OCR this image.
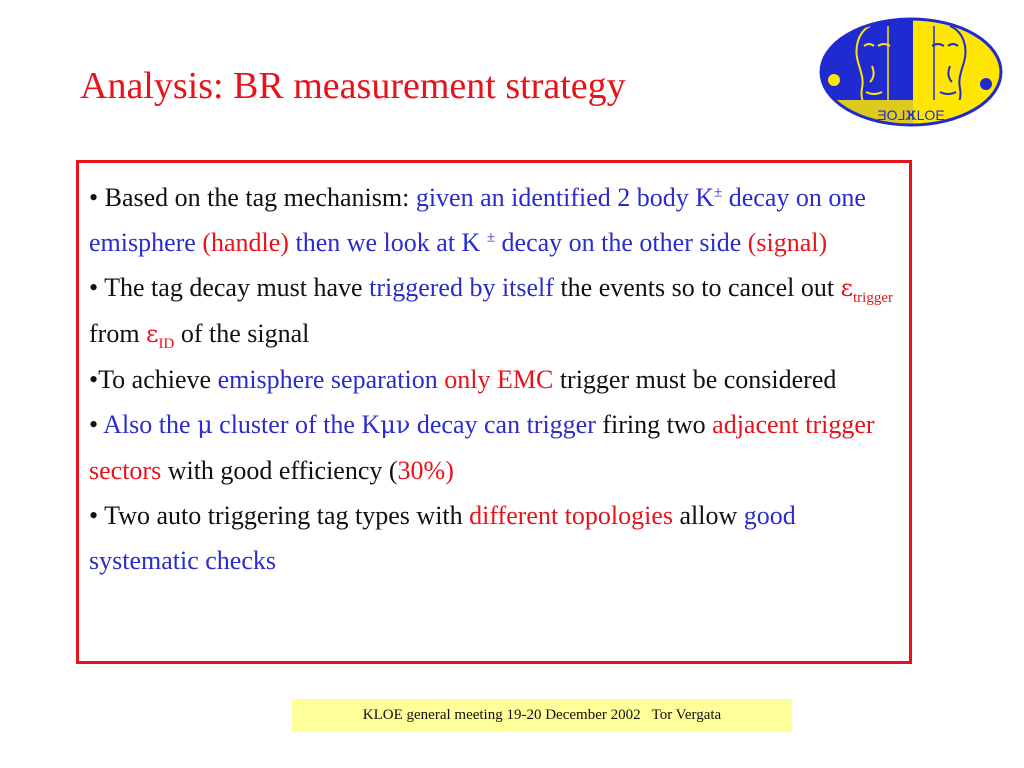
Analysis: BR measurement strategy
KLOE
KLOE
• Based on the tag mechanism: given an identified 2 body K± decay on one emisphere (handle) then we look at K ± decay on the other side (signal)
• The tag decay must have triggered by itself the events so to cancel out $\varepsilon_{trigger}$ from $\varepsilon_{ID}$ of the signal
•To achieve emisphere separation only EMC trigger must be considered
• Also the μ cluster of the Kμν decay can trigger firing two adjacent trigger sectors with good efficiency (30%)
• Two auto triggering tag types with different topologies allow good systematic checks
KLOE general meeting 19-20 December 2002   Tor Vergata
